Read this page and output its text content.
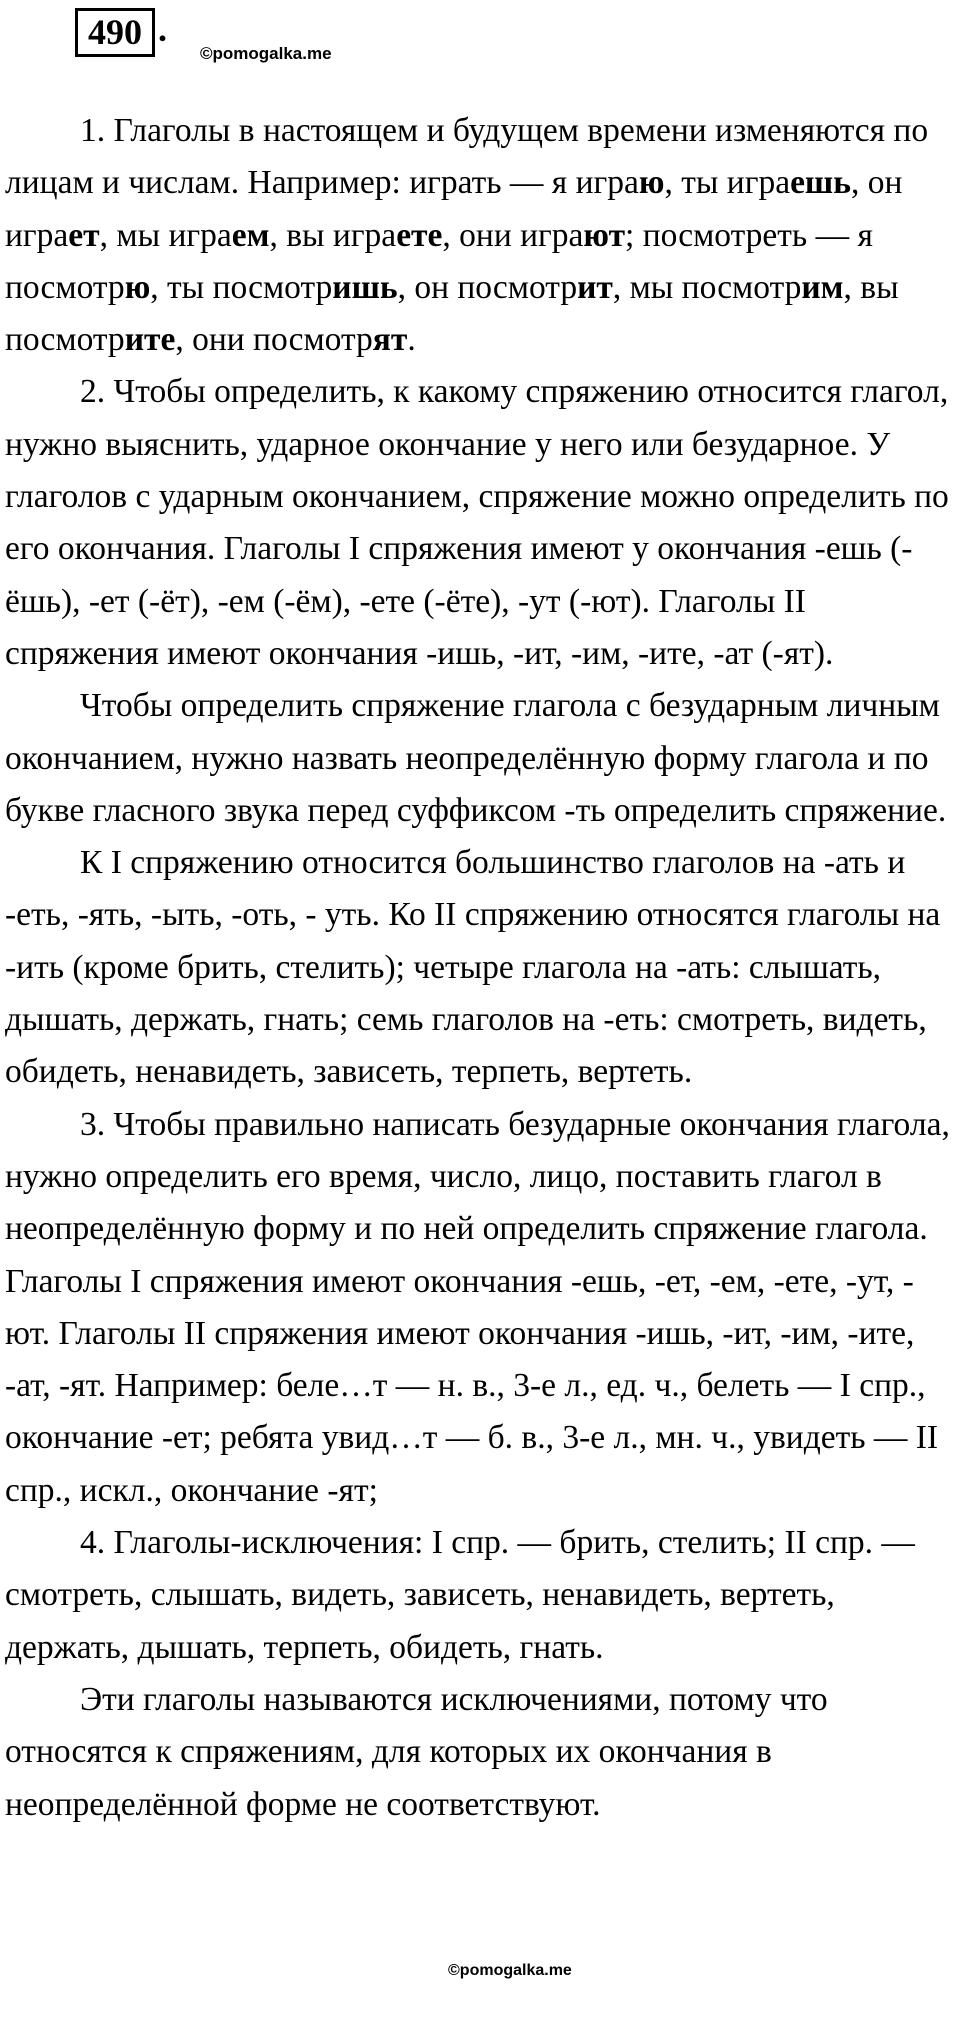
490 .
©pomogalka.me

1. Глаголы в настоящем и будущем времени изменяются по лицам и числам. Например: играть — я играю, ты играешь, он играет, мы играем, вы играете, они играют; посмотреть — я посмотрю, ты посмотришь, он посмотрит, мы посмотрим, вы посмотрите, они посмотрят.

2. Чтобы определить, к какому спряжению относится глагол, нужно выяснить, ударное окончание у него или безударное. У глаголов с ударным окончанием, спряжение можно определить по его окончания. Глаголы I спряжения имеют у окончания -ешь (-ёшь), -ет (-ёт), -ем (-ём), -ете (-ёте), -ут (-ют). Глаголы II спряжения имеют окончания -ишь, -ит, -им, -ите, -ат (-ят).

Чтобы определить спряжение глагола с безударным личным окончанием, нужно назвать неопределённую форму глагола и по букве гласного звука перед суффиксом -ть определить спряжение.

К I спряжению относится большинство глаголов на -ать и -еть, -ять, -ыть, -оть, - уть. Ко II спряжению относятся глаголы на -ить (кроме брить, стелить); четыре глагола на -ать: слышать, дышать, держать, гнать; семь глаголов на -еть: смотреть, видеть, обидеть, ненавидеть, зависеть, терпеть, вертеть.

3. Чтобы правильно написать безударные окончания глагола, нужно определить его время, число, лицо, поставить глагол в неопределённую форму и по ней определить спряжение глагола. Глаголы I спряжения имеют окончания -ешь, -ет, -ем, -ете, -ут, - ют. Глаголы II спряжения имеют окончания -ишь, -ит, -им, -ите, -ат, -ят. Например: беле…т — н. в., 3-е л., ед. ч., белеть — I спр., окончание -ет; ребята увид…т — б. в., 3-е л., мн. ч., увидеть — II спр., искл., окончание -ят;

4. Глаголы-исключения: I спр. — брить, стелить; II спр. — смотреть, слышать, видеть, зависеть, ненавидеть, вертеть, держать, дышать, терпеть, обидеть, гнать.

Эти глаголы называются исключениями, потому что относятся к спряжениям, для которых их окончания в неопределённой форме не соответствуют.

©pomogalka.me
